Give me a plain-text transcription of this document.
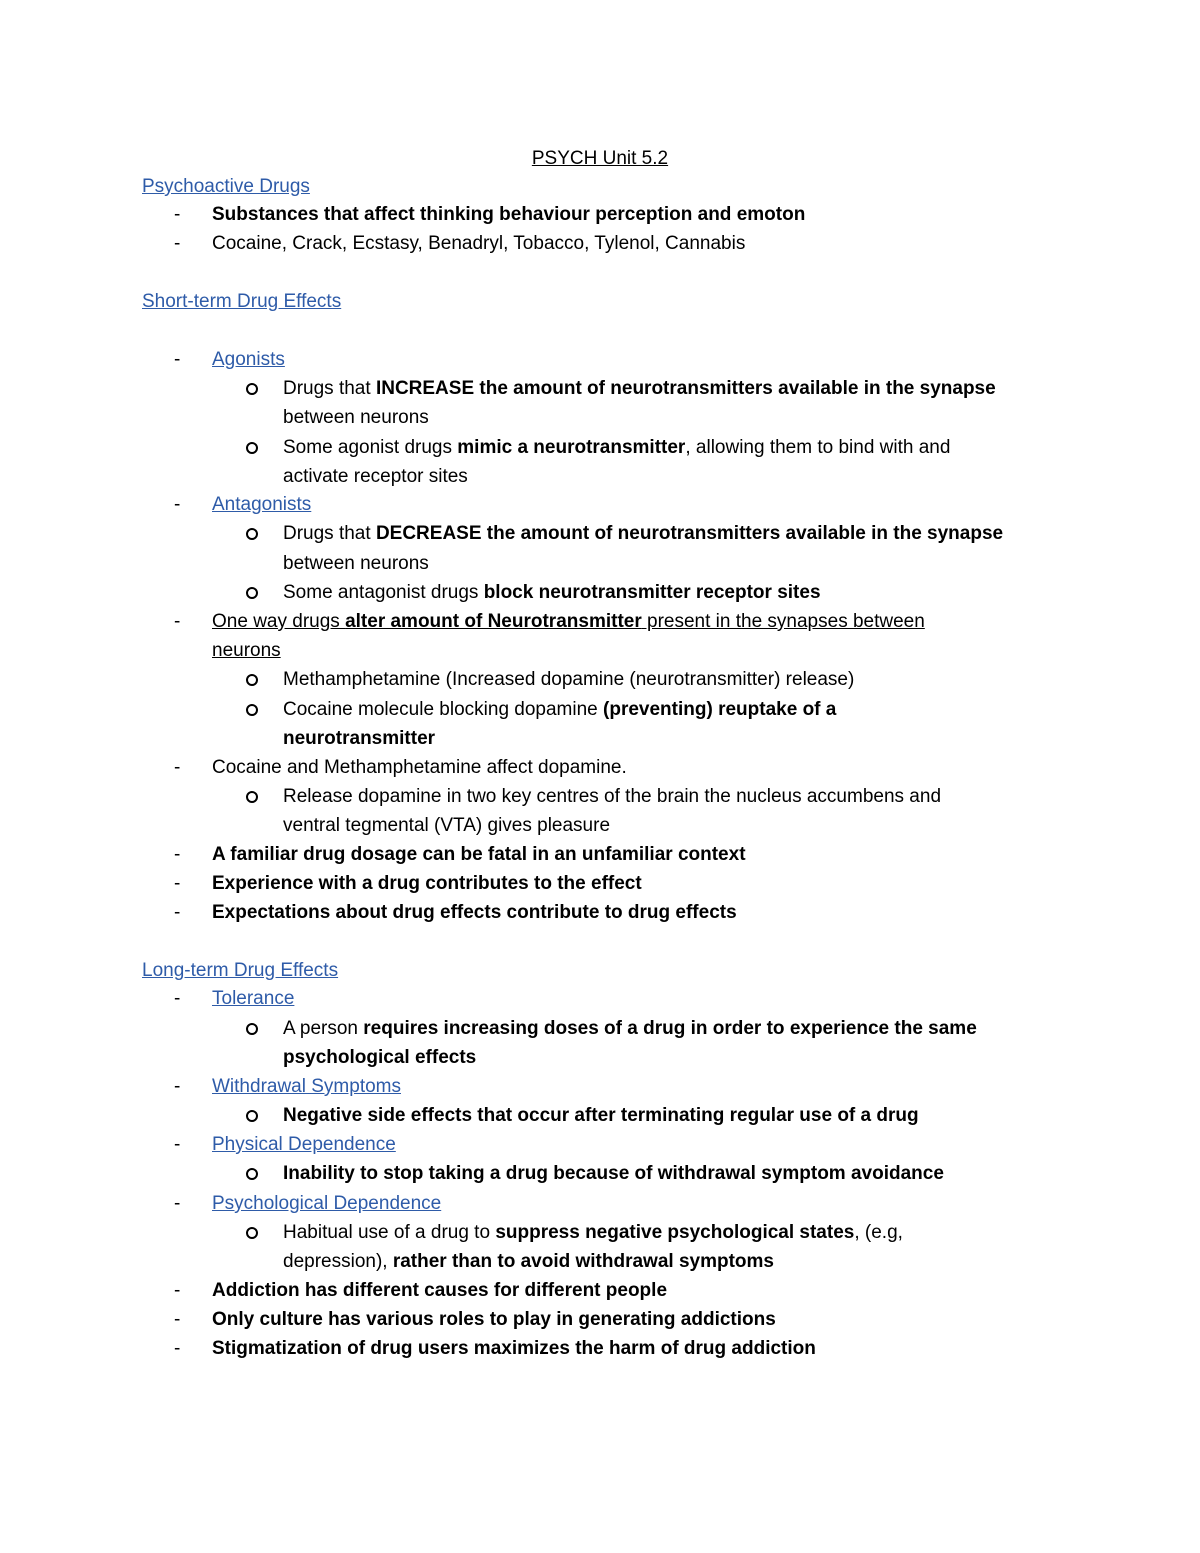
PSYCH Unit 5.2
Psychoactive Drugs
- Substances that affect thinking behaviour perception and emoton
- Cocaine, Crack, Ecstasy, Benadryl, Tobacco, Tylenol, Cannabis
Short-term Drug Effects
- Agonists
Drugs that INCREASE the amount of neurotransmitters available in the synapse
between neurons
Some agonist drugs mimic a neurotransmitter, allowing them to bind with and
activate receptor sites
- Antagonists
Drugs that DECREASE the amount of neurotransmitters available in the synapse
between neurons
Some antagonist drugs block neurotransmitter receptor sites
- One way drugs alter amount of Neurotransmitter present in the synapses between
neurons
Methamphetamine (Increased dopamine (neurotransmitter) release)
Cocaine molecule blocking dopamine (preventing) reuptake of a
neurotransmitter
- Cocaine and Methamphetamine affect dopamine.
Release dopamine in two key centres of the brain the nucleus accumbens and
ventral tegmental (VTA) gives pleasure
- A familiar drug dosage can be fatal in an unfamiliar context
- Experience with a drug contributes to the effect
- Expectations about drug effects contribute to drug effects
Long-term Drug Effects
- Tolerance
A person requires increasing doses of a drug in order to experience the same
psychological effects
- Withdrawal Symptoms
Negative side effects that occur after terminating regular use of a drug
- Physical Dependence
Inability to stop taking a drug because of withdrawal symptom avoidance
- Psychological Dependence
Habitual use of a drug to suppress negative psychological states, (e.g,
depression), rather than to avoid withdrawal symptoms
- Addiction has different causes for different people
- Only culture has various roles to play in generating addictions
- Stigmatization of drug users maximizes the harm of drug addiction
